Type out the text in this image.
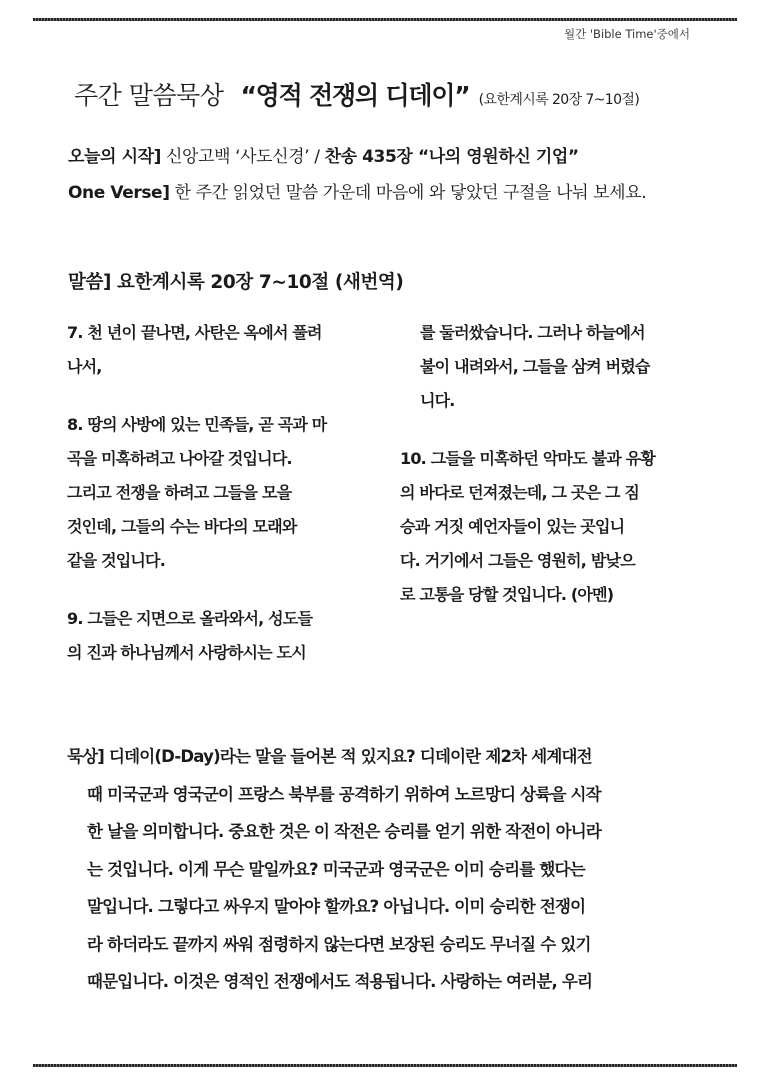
월간 'Bible Time'중에서
주간 말씀묵상 “영적 전쟁의 디데이” (요한계시록 20장 7~10절)
오늘의 시작] 신앙고백 ‘사도신경’ / 찬송 435장 “나의 영원하신 기업”
One Verse] 한 주간 읽었던 말씀 가운데 마음에 와 닿았던 구절을 나눠 보세요.
말씀] 요한계시록 20장 7~10절 (새번역)
7. 천 년이 끝나면, 사탄은 옥에서 풀려
나서,
8. 땅의 사방에 있는 민족들, 곧 곡과 마
곡을 미혹하려고 나아갈 것입니다.
그리고 전쟁을 하려고 그들을 모을
것인데, 그들의 수는 바다의 모래와
같을 것입니다.
9. 그들은 지면으로 올라와서, 성도들
의 진과 하나님께서 사랑하시는 도시
를 둘러쌌습니다. 그러나 하늘에서
불이 내려와서, 그들을 삼켜 버렸습
니다.
10. 그들을 미혹하던 악마도 불과 유황
의 바다로 던져졌는데, 그 곳은 그 짐
승과 거짓 예언자들이 있는 곳입니
다. 거기에서 그들은 영원히, 밤낮으
로 고통을 당할 것입니다. (아멘)
묵상] 디데이(D-Day)라는 말을 들어본 적 있지요? 디데이란 제2차 세계대전
때 미국군과 영국군이 프랑스 북부를 공격하기 위하여 노르망디 상륙을 시작
한 날을 의미합니다. 중요한 것은 이 작전은 승리를 얻기 위한 작전이 아니라
는 것입니다. 이게 무슨 말일까요? 미국군과 영국군은 이미 승리를 했다는
말입니다. 그렇다고 싸우지 말아야 할까요? 아닙니다. 이미 승리한 전쟁이
라 하더라도 끝까지 싸워 점령하지 않는다면 보장된 승리도 무너질 수 있기
때문입니다. 이것은 영적인 전쟁에서도 적용됩니다. 사랑하는 여러분, 우리
